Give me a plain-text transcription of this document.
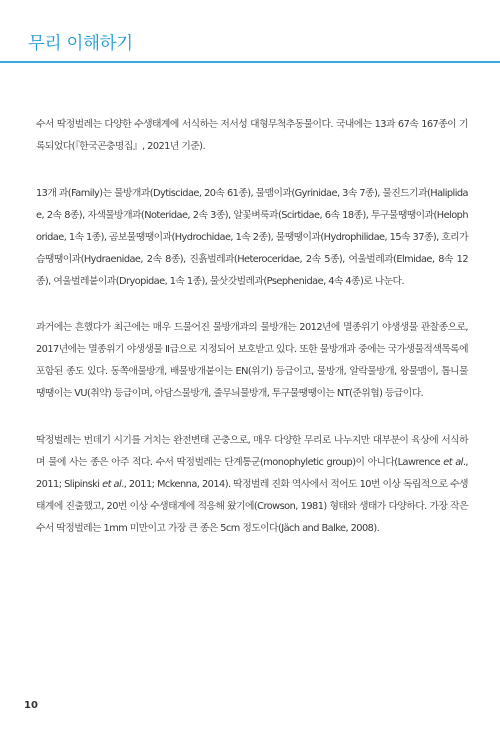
무리 이해하기

수서 딱정벌레는 다양한 수생태계에 서식하는 저서성 대형무척추동물이다. 국내에는 13과 67속 167종이 기록되었다(『한국곤충명집』, 2021년 기준).

13개 과(Family)는 물방개과(Dytiscidae, 20속 61종), 물맴이과(Gyrinidae, 3속 7종), 물진드기과(Haliplidae, 2속 8종), 자색물방개과(Noteridae, 2속 3종), 알꽃벼룩과(Scirtidae, 6속 18종), 투구물땡땡이과(Helophoridae, 1속 1종), 곰보물땡땡이과(Hydrochidae, 1속 2종), 물땡땡이과(Hydrophilidae, 15속 37종), 호리가슴땡땡이과(Hydraenidae, 2속 8종), 진흙벌레과(Heteroceridae, 2속 5종), 여울벌레과(Elmidae, 8속 12종), 여울벌레붙이과(Dryopidae, 1속 1종), 물삿갓벌레과(Psephenidae, 4속 4종)로 나눈다.

과거에는 흔했다가 최근에는 매우 드물어진 물방개과의 물방개는 2012년에 멸종위기 야생생물 관찰종으로, 2017년에는 멸종위기 야생생물 Ⅱ급으로 지정되어 보호받고 있다. 또한 물방개과 중에는 국가생물적색목록에 포함된 종도 있다. 동쪽애물방개, 배물방개붙이는 EN(위기) 등급이고, 물방개, 알락물방개, 왕물맴이, 톱니물땡땡이는 VU(취약) 등급이며, 아담스물방개, 줄무늬물방개, 투구물땡땡이는 NT(준위협) 등급이다.

딱정벌레는 번데기 시기를 거치는 완전변태 곤충으로, 매우 다양한 무리로 나누지만 대부분이 육상에 서식하며 물에 사는 종은 아주 적다. 수서 딱정벌레는 단계통군(monophyletic group)이 아니다(Lawrence et al., 2011; Slipinski et al., 2011; Mckenna, 2014). 딱정벌레 진화 역사에서 적어도 10번 이상 독립적으로 수생태계에 진출했고, 20번 이상 수생태계에 적응해 왔기에(Crowson, 1981) 형태와 생태가 다양하다. 가장 작은 수서 딱정벌레는 1mm 미만이고 가장 큰 종은 5cm 정도이다(Jäch and Balke, 2008).

10
